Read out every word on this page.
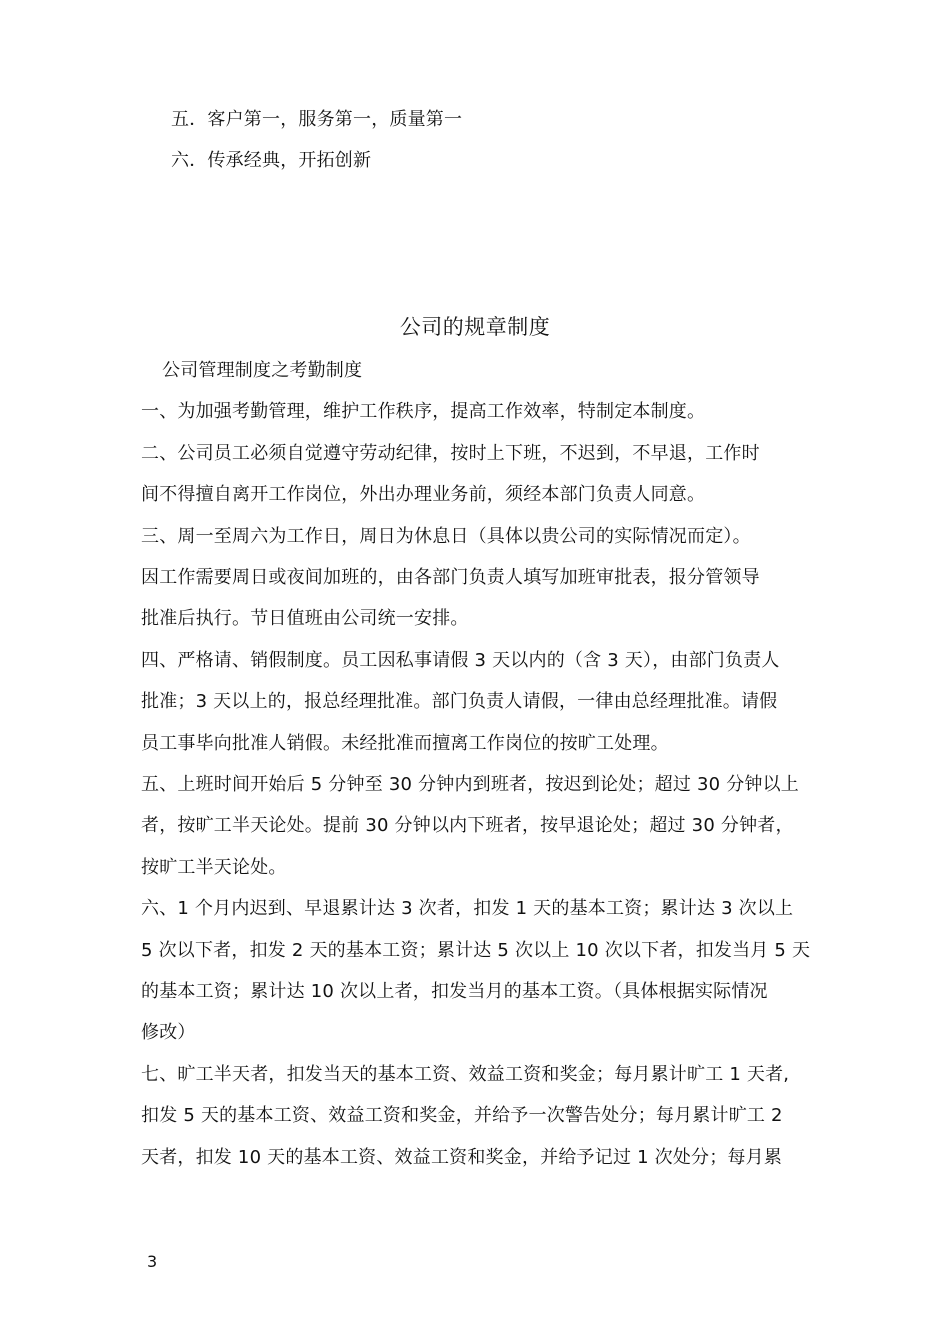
五．客户第一，服务第一，质量第一
六．传承经典，开拓创新
公司的规章制度
公司管理制度之考勤制度
一、为加强考勤管理，维护工作秩序，提高工作效率，特制定本制度。
二、公司员工必须自觉遵守劳动纪律，按时上下班，不迟到，不早退，工作时
间不得擅自离开工作岗位，外出办理业务前，须经本部门负责人同意。
三、周一至周六为工作日，周日为休息日（具体以贵公司的实际情况而定）。
因工作需要周日或夜间加班的，由各部门负责人填写加班审批表，报分管领导
批准后执行。节日值班由公司统一安排。
四、严格请、销假制度。员工因私事请假 3 天以内的（含 3 天），由部门负责人
批准；3 天以上的，报总经理批准。部门负责人请假，一律由总经理批准。请假
员工事毕向批准人销假。未经批准而擅离工作岗位的按旷工处理。
五、上班时间开始后 5 分钟至 30 分钟内到班者，按迟到论处；超过 30 分钟以上
者，按旷工半天论处。提前 30 分钟以内下班者，按早退论处；超过 30 分钟者，
按旷工半天论处。
六、1 个月内迟到、早退累计达 3 次者，扣发 1 天的基本工资；累计达 3 次以上
5 次以下者，扣发 2 天的基本工资；累计达 5 次以上 10 次以下者，扣发当月 5 天
的基本工资；累计达 10 次以上者，扣发当月的基本工资。（具体根据实际情况
修改）
七、旷工半天者，扣发当天的基本工资、效益工资和奖金；每月累计旷工 1 天者,
扣发 5 天的基本工资、效益工资和奖金，并给予一次警告处分；每月累计旷工 2
天者，扣发 10 天的基本工资、效益工资和奖金，并给予记过 1 次处分；每月累
3
